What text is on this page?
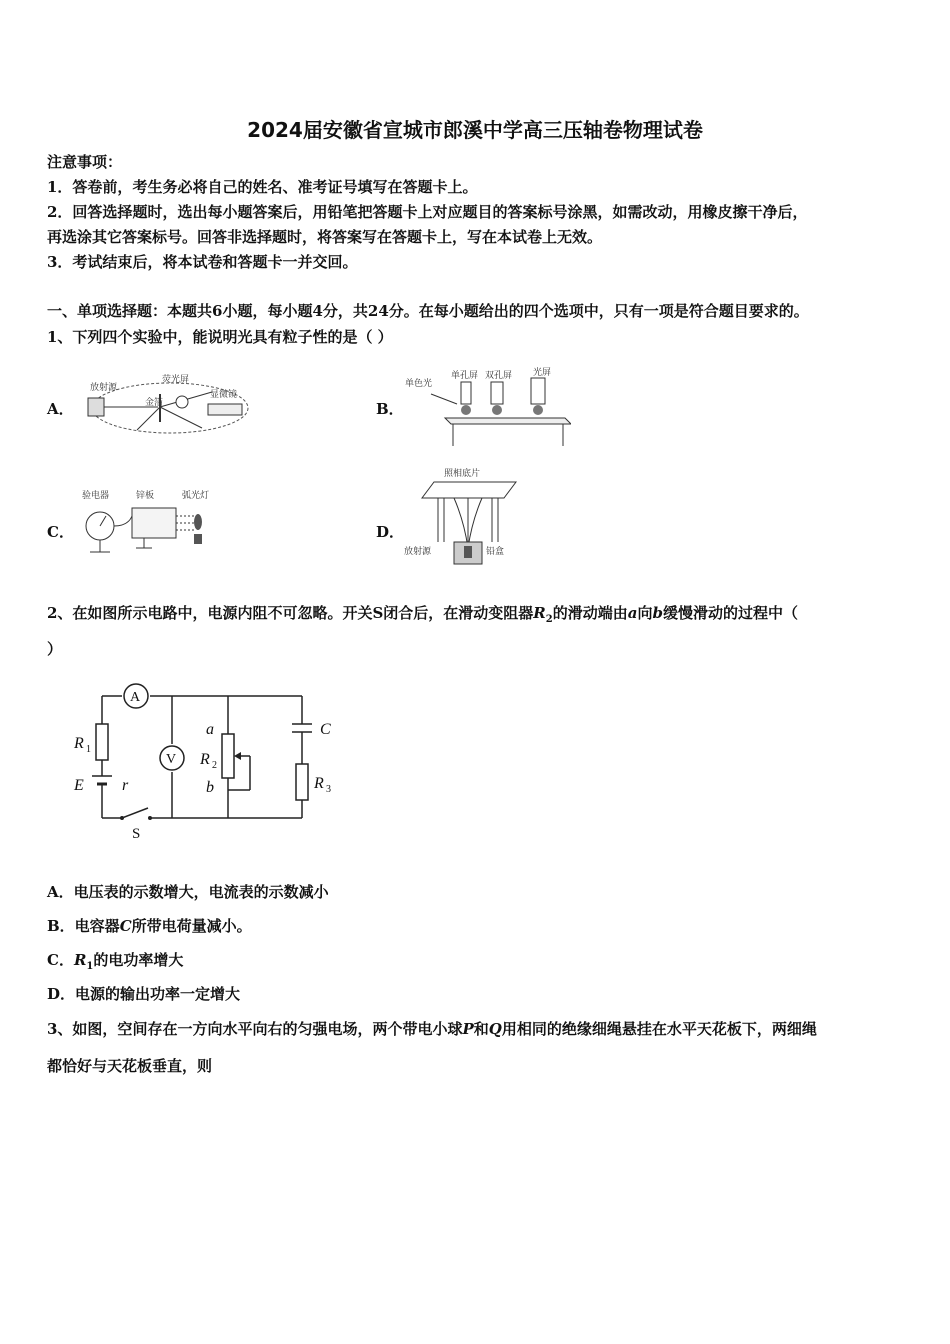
2024届安徽省宣城市郎溪中学高三压轴卷物理试卷
注意事项：
1．答卷前，考生务必将自己的姓名、准考证号填写在答题卡上。
2．回答选择题时，选出每小题答案后，用铅笔把答题卡上对应题目的答案标号涂黑，如需改动，用橡皮擦干净后，
再选涂其它答案标号。回答非选择题时，将答案写在答题卡上，写在本试卷上无效。
3．考试结束后，将本试卷和答题卡一并交回。
一、单项选择题：本题共6小题，每小题4分，共24分。在每小题给出的四个选项中，只有一项是符合题目要求的。
1、下列四个实验中，能说明光具有粒子性的是（ ）
A．	B．
C．	D．
放射源
荧光屏
显微镜
金箔
单色光
单孔屏 双孔屏 光屏
验电器	锌板	弧光灯
照相底片
放射源	铅盒
2、在如图所示电路中，电源内阻不可忽略。开关S闭合后，在滑动变阻器$R_2$的滑动端由a向b缓慢滑动的过程中（
）
A
V
R 1
E r
S
a
R 2
b
C
R 3
A．电压表的示数增大，电流表的示数减小
B．电容器C所带电荷量减小。
C．$R_1$的电功率增大
D．电源的输出功率一定增大
3、如图，空间存在一方向水平向右的匀强电场，两个带电小球P和Q用相同的绝缘细绳悬挂在水平天花板下，两细绳
都恰好与天花板垂直，则
